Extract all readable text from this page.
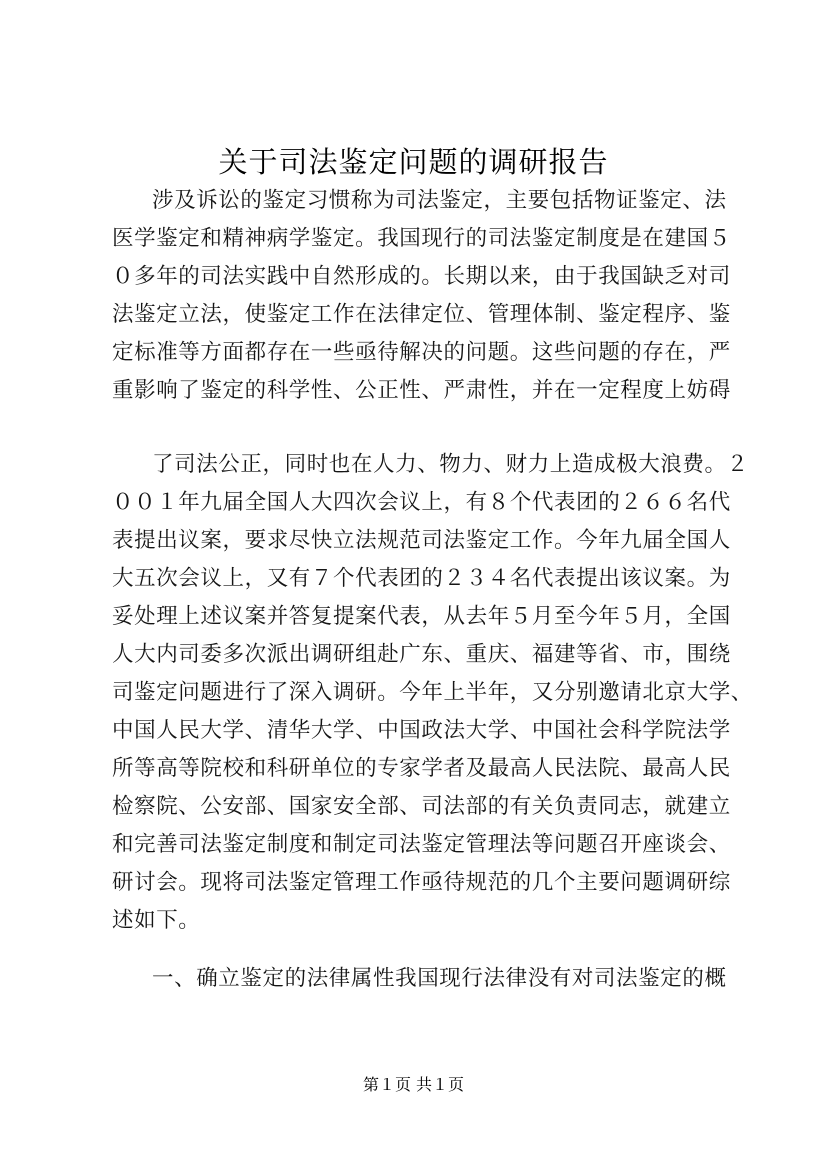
关于司法鉴定问题的调研报告
涉及诉讼的鉴定习惯称为司法鉴定，主要包括物证鉴定、法
医学鉴定和精神病学鉴定。我国现行的司法鉴定制度是在建国５
０多年的司法实践中自然形成的。长期以来，由于我国缺乏对司
法鉴定立法，使鉴定工作在法律定位、管理体制、鉴定程序、鉴
定标准等方面都存在一些亟待解决的问题。这些问题的存在，严
重影响了鉴定的科学性、公正性、严肃性，并在一定程度上妨碍
了司法公正，同时也在人力、物力、财力上造成极大浪费。２
００１年九届全国人大四次会议上，有８个代表团的２６６名代
表提出议案，要求尽快立法规范司法鉴定工作。今年九届全国人
大五次会议上，又有７个代表团的２３４名代表提出该议案。为
妥处理上述议案并答复提案代表，从去年５月至今年５月，全国
人大内司委多次派出调研组赴广东、重庆、福建等省、市，围绕
司鉴定问题进行了深入调研。今年上半年，又分别邀请北京大学、
中国人民大学、清华大学、中国政法大学、中国社会科学院法学
所等高等院校和科研单位的专家学者及最高人民法院、最高人民
检察院、公安部、国家安全部、司法部的有关负责同志，就建立
和完善司法鉴定制度和制定司法鉴定管理法等问题召开座谈会、
研讨会。现将司法鉴定管理工作亟待规范的几个主要问题调研综
述如下。
一、确立鉴定的法律属性我国现行法律没有对司法鉴定的概
第１页 共１页
